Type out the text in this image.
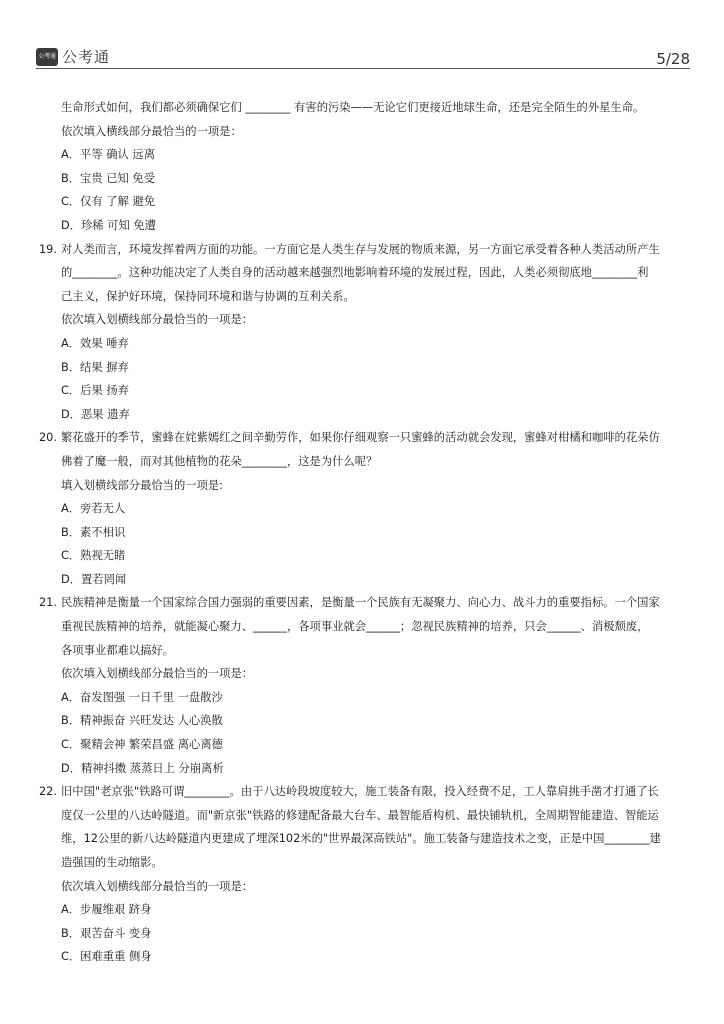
公考通 公考通	5/28
生命形式如何，我们都必须确保它们 ________ 有害的污染——无论它们更接近地球生命，还是完全陌生的外星生命。
依次填入横线部分最恰当的一项是：
A．平等 确认 远离
B．宝贵 已知 免受
C．仅有 了解 避免
D．珍稀 可知 免遭
19. 对人类而言，环境发挥着两方面的功能。一方面它是人类生存与发展的物质来源，另一方面它承受着各种人类活动所产生
的________。这种功能决定了人类自身的活动越来越强烈地影响着环境的发展过程，因此，人类必须彻底地________利
己主义，保护好环境，保持同环境和谐与协调的互利关系。
依次填入划横线部分最恰当的一项是：
A．效果 唾弃
B．结果 摒弃
C．后果 扬弃
D．恶果 遗弃
20. 繁花盛开的季节，蜜蜂在姹紫嫣红之间辛勤劳作，如果你仔细观察一只蜜蜂的活动就会发现，蜜蜂对柑橘和咖啡的花朵仿
佛着了魔一般，而对其他植物的花朵________，这是为什么呢？
填入划横线部分最恰当的一项是:
A．旁若无人
B．素不相识
C．熟视无睹
D．置若罔闻
21. 民族精神是衡量一个国家综合国力强弱的重要因素，是衡量一个民族有无凝聚力、向心力、战斗力的重要指标。一个国家
重视民族精神的培养，就能凝心聚力、______，各项事业就会______；忽视民族精神的培养，只会______、消极颓废，
各项事业都难以搞好。
依次填入划横线部分最恰当的一项是：
A．奋发图强 一日千里 一盘散沙
B．精神振奋 兴旺发达 人心涣散
C．聚精会神 繁荣昌盛 离心离德
D．精神抖擞 蒸蒸日上 分崩离析
22. 旧中国"老京张"铁路可谓________。由于八达岭段坡度较大，施工装备有限，投入经费不足，工人靠肩挑手凿才打通了长
度仅一公里的八达岭隧道。而"新京张"铁路的修建配备最大台车、最智能盾构机、最快铺轨机，全周期智能建造、智能运
维，12公里的新八达岭隧道内更建成了埋深102米的"世界最深高铁站"。施工装备与建造技术之变，正是中国________建
造强国的生动缩影。
依次填入划横线部分最恰当的一项是：
A．步履维艰 跻身
B．艰苦奋斗 变身
C．困难重重 侧身
